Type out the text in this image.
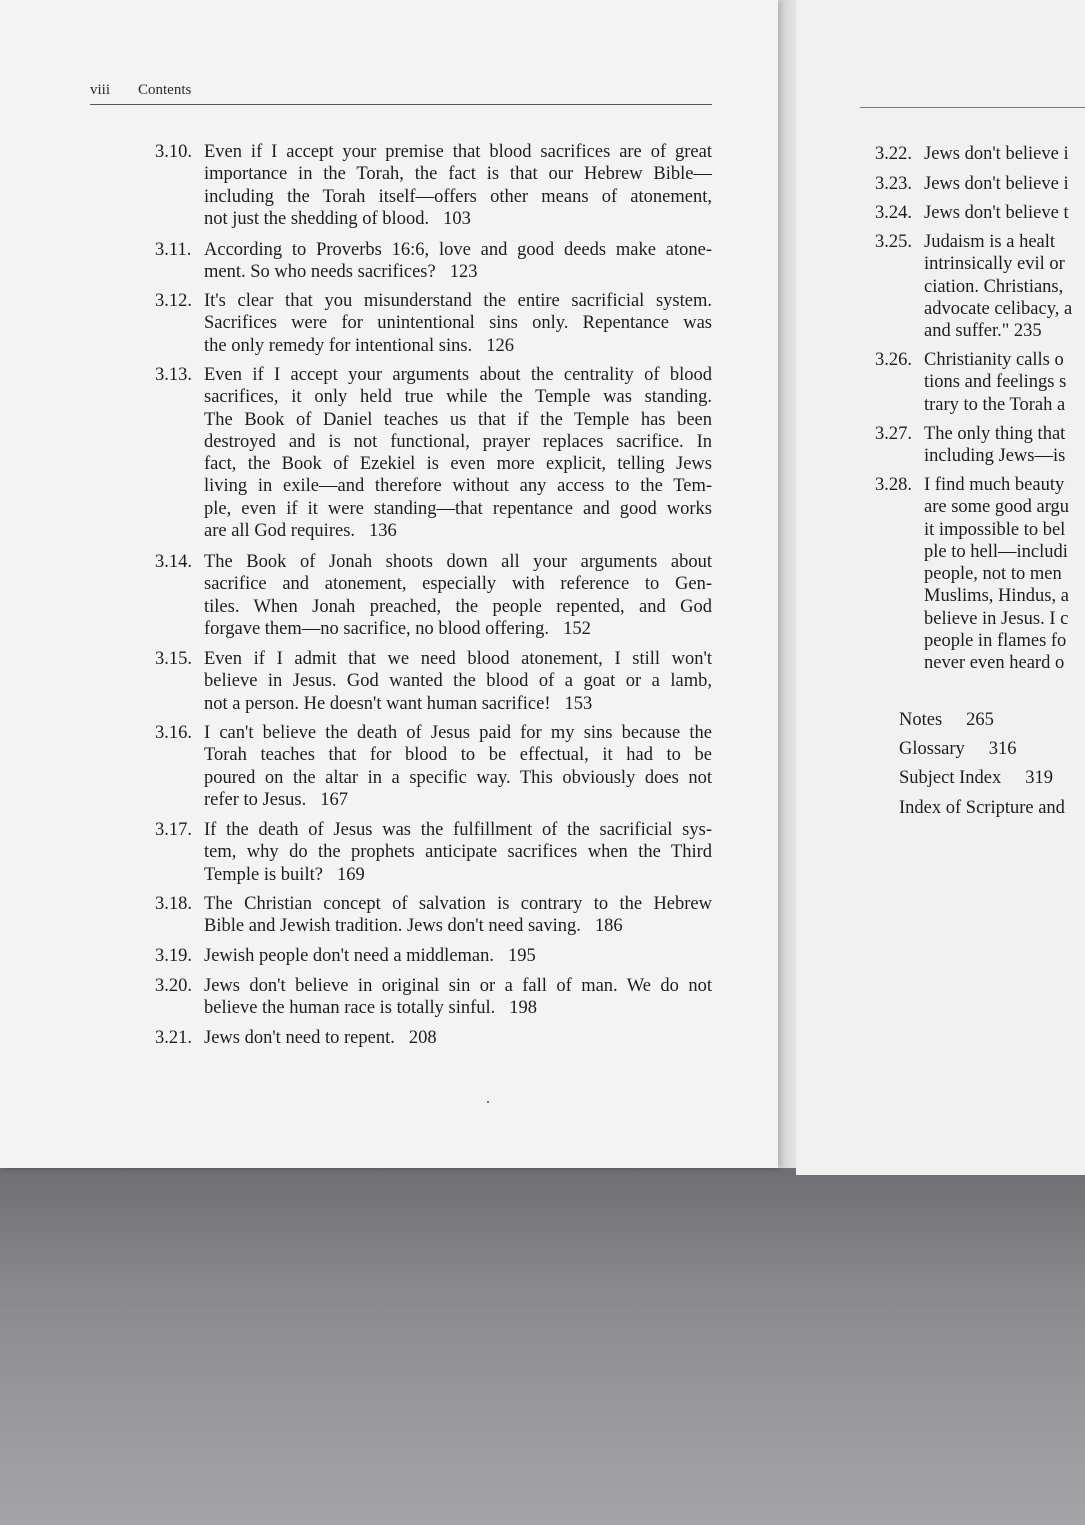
viii Contents
3.10. Even if I accept your premise that blood sacrifices are of great
importance in the Torah, the fact is that our Hebrew Bible—
including the Torah itself—offers other means of atonement,
not just the shedding of blood. 103
3.11. According to Proverbs 16:6, love and good deeds make atone-
ment. So who needs sacrifices? 123
3.12. It's clear that you misunderstand the entire sacrificial system.
Sacrifices were for unintentional sins only. Repentance was
the only remedy for intentional sins. 126
3.13. Even if I accept your arguments about the centrality of blood
sacrifices, it only held true while the Temple was standing.
The Book of Daniel teaches us that if the Temple has been
destroyed and is not functional, prayer replaces sacrifice. In
fact, the Book of Ezekiel is even more explicit, telling Jews
living in exile—and therefore without any access to the Tem-
ple, even if it were standing—that repentance and good works
are all God requires. 136
3.14. The Book of Jonah shoots down all your arguments about
sacrifice and atonement, especially with reference to Gen-
tiles. When Jonah preached, the people repented, and God
forgave them—no sacrifice, no blood offering. 152
3.15. Even if I admit that we need blood atonement, I still won't
believe in Jesus. God wanted the blood of a goat or a lamb,
not a person. He doesn't want human sacrifice! 153
3.16. I can't believe the death of Jesus paid for my sins because the
Torah teaches that for blood to be effectual, it had to be
poured on the altar in a specific way. This obviously does not
refer to Jesus. 167
3.17. If the death of Jesus was the fulfillment of the sacrificial sys-
tem, why do the prophets anticipate sacrifices when the Third
Temple is built? 169
3.18. The Christian concept of salvation is contrary to the Hebrew
Bible and Jewish tradition. Jews don't need saving. 186
3.19. Jewish people don't need a middleman. 195
3.20. Jews don't believe in original sin or a fall of man. We do not
believe the human race is totally sinful. 198
3.21. Jews don't need to repent. 208
3.22. Jews don't believe i
3.23. Jews don't believe i
3.24. Jews don't believe t
3.25. Judaism is a healt
intrinsically evil or
ciation. Christians,
advocate celibacy, a
and suffer." 235
3.26. Christianity calls o
tions and feelings s
trary to the Torah a
3.27. The only thing that
including Jews—is
3.28. I find much beauty
are some good argu
it impossible to bel
ple to hell—includi
people, not to men
Muslims, Hindus, a
believe in Jesus. I c
people in flames fo
never even heard o
Notes 265
Glossary 316
Subject Index 319
Index of Scripture and
